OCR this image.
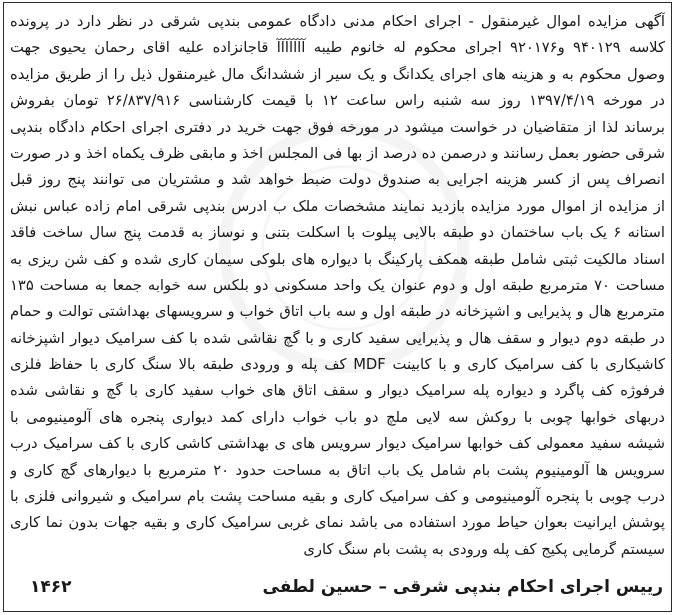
آگهی مزایده اموال غیرمنقول - اجرای احکام مدنی دادگاه عمومی بندپی شرقی در نظر دارد در پرونده
کلاسه ۹۴۰۱۲۹ و۹۲۰۱۷۶ اجرای محکوم له خانوم طیبه آآآآآآآ قاجانزاده علیه اقای رحمان یحیوی جهت
وصول محکوم به و هزینه های اجرای یکدانگ و یک سیر از ششدانگ مال غیرمنقول ذیل را از طریق مزایده
در مورخه ۱۳۹۷/۴/۱۹ روز سه شنبه راس ساعت ۱۲ با قیمت کارشناسی ۲۶/۸۳۷/۹۱۶ تومان بفروش
برساند لذا از متقاضیان در خواست میشود در مورخه فوق جهت خرید در دفتری اجرای احکام دادگاه بندپی
شرقی حضور بعمل رسانند و درصمن ده درصد از بها فی المجلس اخذ و مابقی ظرف یکماه اخذ و در صورت
انصراف پس از کسر هزینه اجرایی به صندوق دولت ضبط خواهد شد و مشتریان می توانند پنج روز قبل
از مزایده از اموال مورد مزایده بازدید نمایند مشخصات ملک ب ادرس بندپی شرقی امام زاده عباس نبش
استانه ۶ یک باب ساختمان دو طبقه بالایی پیلوت با اسکلت بتنی و نوساز به قدمت پنج سال ساخت فاقد
اسناد مالکیت ثبتی شامل طبقه همکف پارکینگ با دیواره های بلوکی سیمان کاری شده و کف شن ریزی به
مساحت ۷۰ مترمربع طبقه اول و دوم عنوان یک واحد مسکونی دو بلکس سه خوابه جمعا به مساحت ۱۳۵
مترمربع هال و پذیرایی و اشپزخانه در طبقه اول و سه باب اتاق خواب و سرویسهای بهداشتی توالت و حمام
در طبقه دوم دیوار و سقف هال و پذیرایی سفید کاری و با گچ نقاشی شده با کف سرامیک دیوار اشپزخانه
کاشیکاری با کف سرامیک کاری و با کابینت MDF کف پله و ورودی طبقه بالا سنگ کاری با حفاظ فلزی
فرفوژه کف پاگرد و دیواره پله سرامیک دیوار و سقف اتاق های خواب سفید کاری با گچ و نقاشی شده
دربهای خوابها چوبی با روکش سه لایی ملچ دو باب خواب دارای کمد دیواری پنجره های آلومینیومی با
شیشه سفید معمولی کف خوابها سرامیک دیوار سرویس های ی بهداشتی کاشی کاری با کف سرامیک درب
سرویس ها آلومینیوم پشت بام شامل یک باب اتاق به مساحت حدود ۲۰ مترمربع با دیوارهای گچ کاری و
درب چوبی با پنجره آلومینیومی و کف سرامیک کاری و بقیه مساحت پشت بام سرامیک و شیروانی فلزی با
پوشش ایرانیت بعوان حیاط مورد استفاده می باشد نمای غربی سرامیک کاری و بقیه جهات بدون نما کاری
سیستم گرمایی پکیج کف پله ورودی به پشت بام سنگ کاری
رییس اجرای احکام بندپی شرقی – حسین لطفی
۱۴۶۲
